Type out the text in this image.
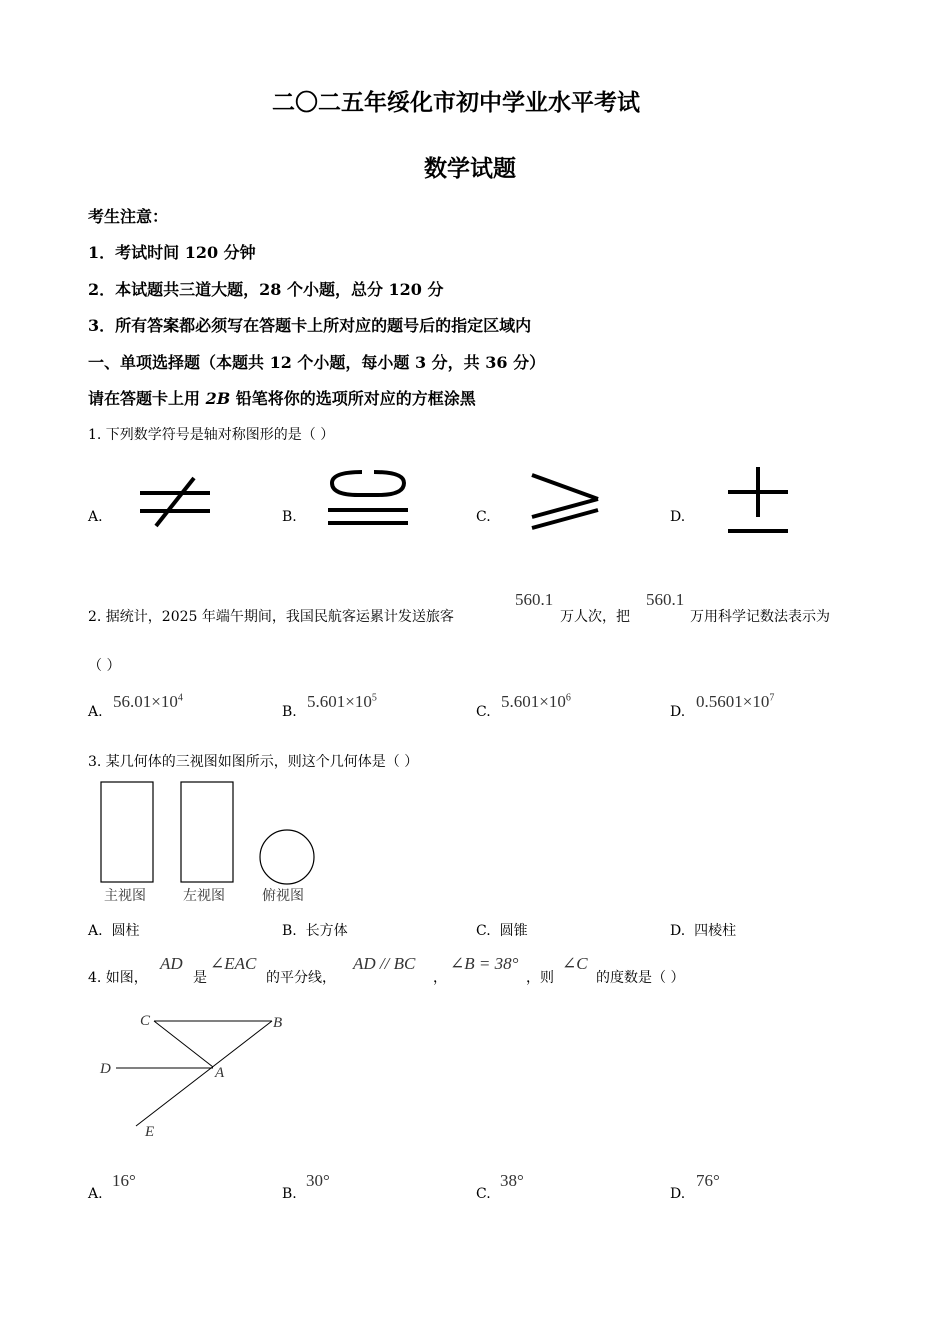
二〇二五年绥化市初中学业水平考试
数学试题
考生注意：
1．考试时间 120 分钟
2．本试题共三道大题，28 个小题，总分 120 分
3．所有答案都必须写在答题卡上所对应的题号后的指定区域内
一、单项选择题（本题共 12 个小题，每小题 3 分，共 36 分）
请在答题卡上用 2B 铅笔将你的选项所对应的方框涂黑
1. 下列数学符号是轴对称图形的是（ ）
A.	B.	C.	D.
2. 据统计，2025 年端午期间，我国民航客运累计发送旅客
560.1
万人次，把
560.1
万用科学记数法表示为
（ ）
A.
$56.01\times 10^4$
B.
$5.601\times 10^5$
C.
$5.601\times 10^6$
D.
$0.5601\times 10^7$
3. 某几何体的三视图如图所示，则这个几何体是（ ）
主视图	左视图	俯视图
A. 圆柱	B. 长方体	C. 圆锥	D. 四棱柱
4. 如图，
AD
是
∠EAC
的平分线，
AD // BC
，
∠B = 38°
，则
∠C
的度数是（ ）
C	B
D	A
E
A.
16°
B.
30°
C.
38°
D.
76°
